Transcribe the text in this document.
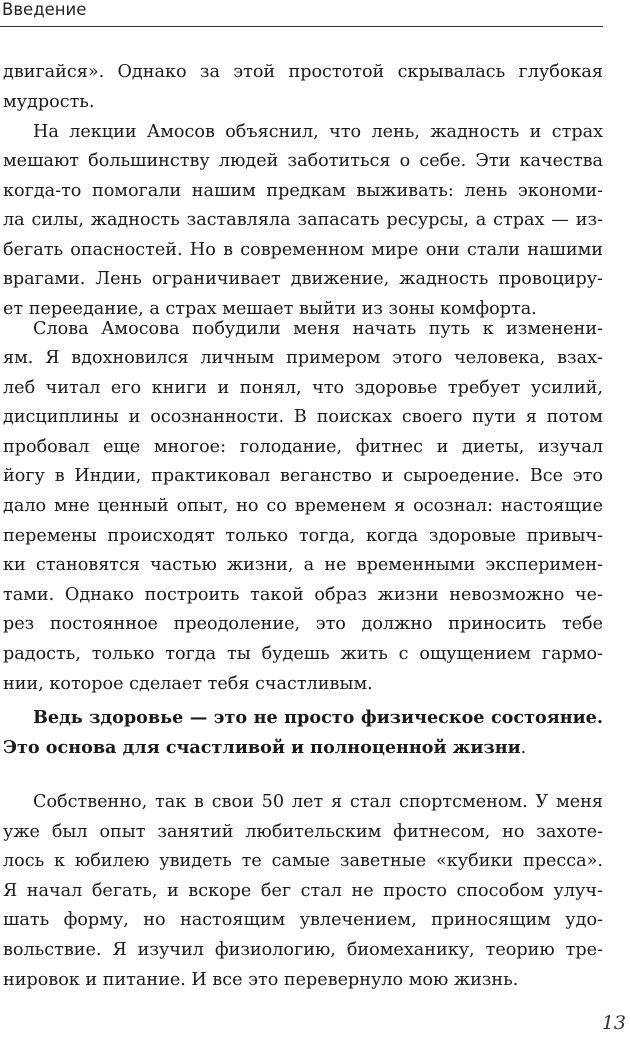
Введение
двигайся». Однако за этой простотой скрывалась глубокая
мудрость.
На лекции Амосов объяснил, что лень, жадность и страх
мешают большинству людей заботиться о себе. Эти качества
когда-то помогали нашим предкам выживать: лень экономи-
ла силы, жадность заставляла запасать ресурсы, а страх — из-
бегать опасностей. Но в современном мире они стали нашими
врагами. Лень ограничивает движение, жадность провоциру-
ет переедание, а страх мешает выйти из зоны комфорта.
Слова Амосова побудили меня начать путь к изменени-
ям. Я вдохновился личным примером этого человека, взах-
леб читал его книги и понял, что здоровье требует усилий,
дисциплины и осознанности. В поисках своего пути я потом
пробовал еще многое: голодание, фитнес и диеты, изучал
йогу в Индии, практиковал веганство и сыроедение. Все это
дало мне ценный опыт, но со временем я осознал: настоящие
перемены происходят только тогда, когда здоровые привыч-
ки становятся частью жизни, а не временными эксперимен-
тами. Однако построить такой образ жизни невозможно че-
рез постоянное преодоление, это должно приносить тебе
радость, только тогда ты будешь жить с ощущением гармо-
нии, которое сделает тебя счастливым.
Ведь здоровье — это не просто физическое состояние.
Это основа для счастливой и полноценной жизни.
Собственно, так в свои 50 лет я стал спортсменом. У меня
уже был опыт занятий любительским фитнесом, но захоте-
лось к юбилею увидеть те самые заветные «кубики пресса».
Я начал бегать, и вскоре бег стал не просто способом улуч-
шать форму, но настоящим увлечением, приносящим удо-
вольствие. Я изучил физиологию, биомеханику, теорию тре-
нировок и питание. И все это перевернуло мою жизнь.
13
